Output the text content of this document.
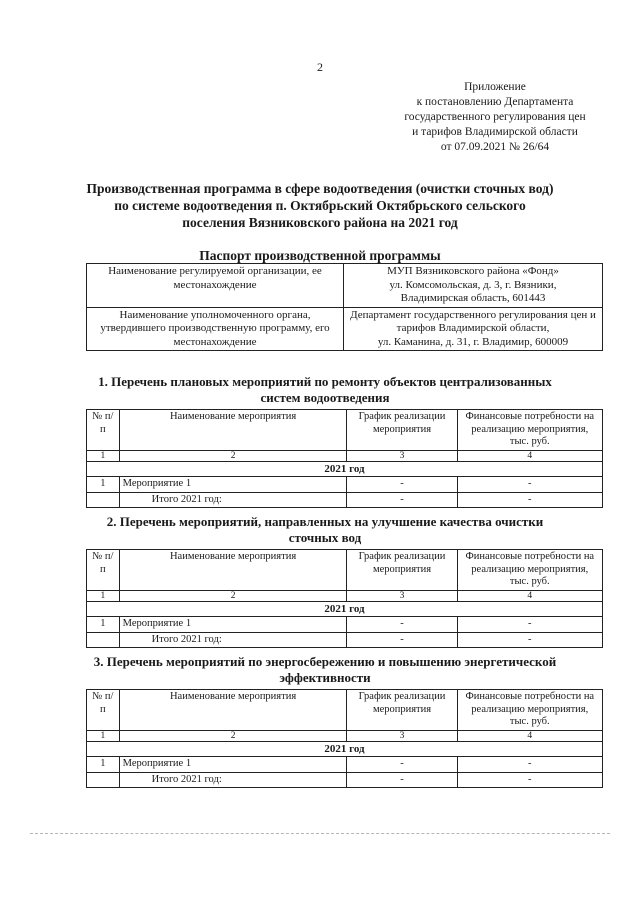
2
Приложение
к постановлению Департамента
государственного регулирования цен
и тарифов Владимирской области
от 07.09.2021 № 26/64
Производственная программа в сфере водоотведения (очистки сточных вод)
по системе водоотведения п. Октябрьский Октябрьского сельского
поселения Вязниковского района на 2021 год
Паспорт производственной программы
Наименование регулируемой организации, ее местонахождение	МУП Вязниковского района «Фонд»
ул. Комсомольская, д. 3, г. Вязники,
Владимирская область, 601443

Наименование уполномоченного органа, утвердившего производственную программу, его местонахождение	Департамент государственного регулирования цен и тарифов Владимирской области,
ул. Каманина, д. 31, г. Владимир, 600009
1. Перечень плановых мероприятий по ремонту объектов централизованных
систем водоотведения
№ п/п	Наименование мероприятия	График реализации мероприятия	Финансовые потребности на реализацию мероприятия, тыс. руб.
1	2	3	4
2021 год			
1	Мероприятие 1	-	-
	Итого 2021 год:	-	-
2. Перечень мероприятий, направленных на улучшение качества очистки
сточных вод
№ п/п	Наименование мероприятия	График реализации мероприятия	Финансовые потребности на реализацию мероприятия, тыс. руб.
1	2	3	4
2021 год			
1	Мероприятие 1	-	-
	Итого 2021 год:	-	-
3. Перечень мероприятий по энергосбережению и повышению энергетической
эффективности
№ п/п	Наименование мероприятия	График реализации мероприятия	Финансовые потребности на реализацию мероприятия, тыс. руб.
1	2	3	4
2021 год			
1	Мероприятие 1	-	-
	Итого 2021 год:	-	-
